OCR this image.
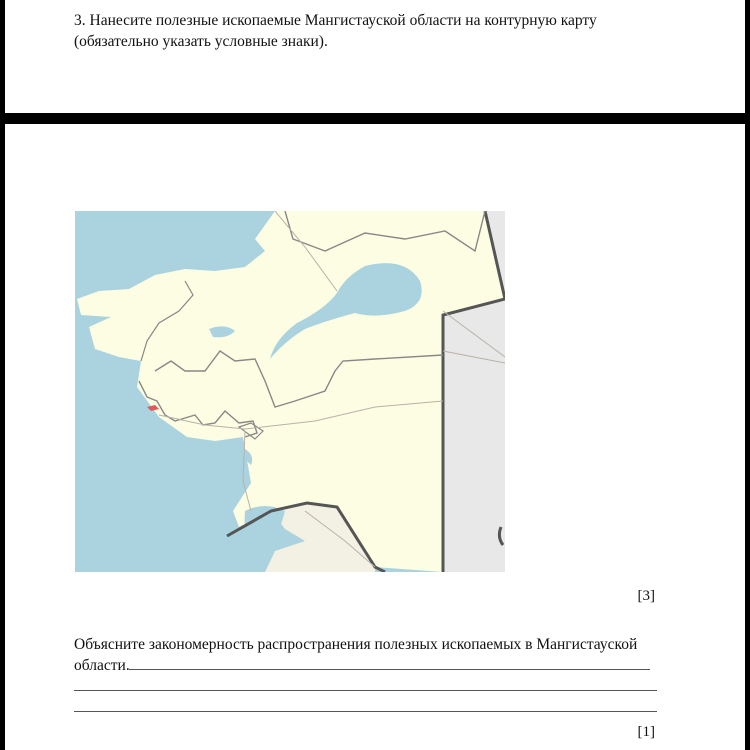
3. Нанесите полезные ископаемые Мангистауской области на контурную карту
(обязательно указать условные знаки).

[3]
Объясните закономерность распространения полезных ископаемых в Мангистауской
области.
[1]
